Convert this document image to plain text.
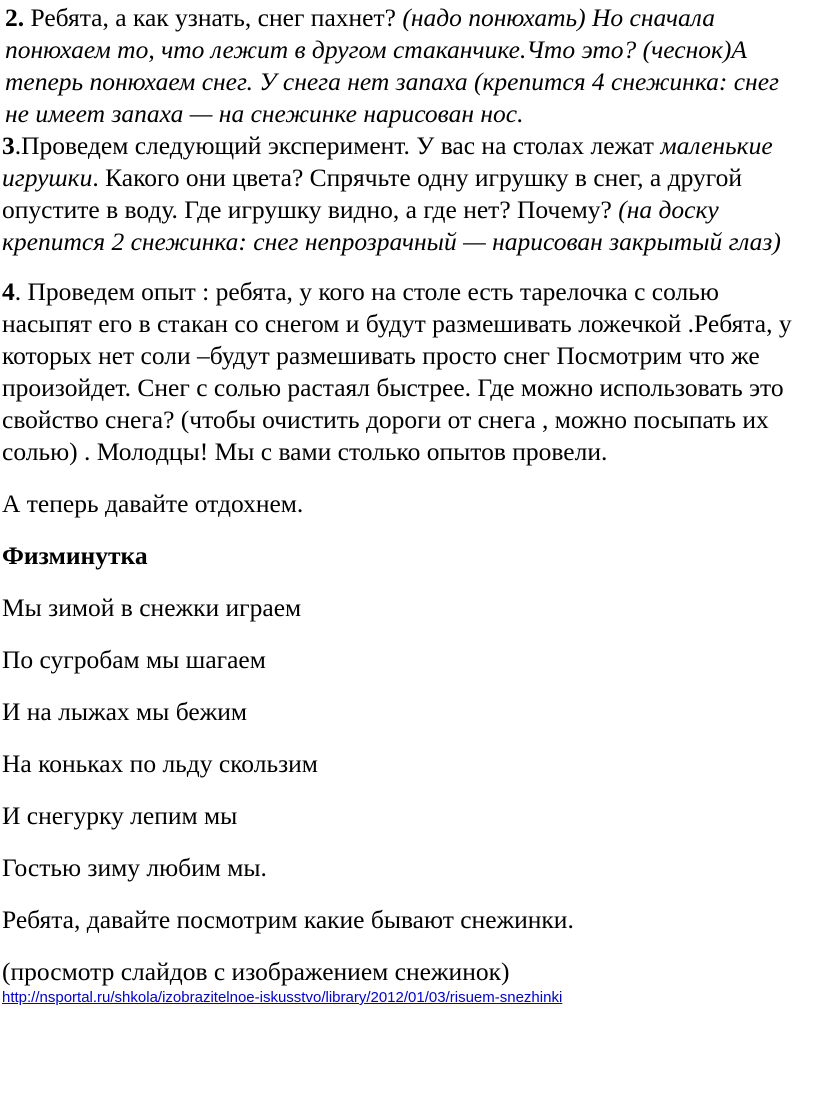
2. Ребята, а как узнать, снег пахнет? (надо понюхать) Но сначала понюхаем то, что лежит в другом стаканчике.Что это? (чеснок)А теперь понюхаем снег. У снега нет запаха (крепится 4 снежинка: снег не имеет запаха — на снежинке нарисован нос.

3.Проведем следующий эксперимент. У вас на столах лежат маленькие игрушки. Какого они цвета? Спрячьте одну игрушку в снег, а другой опустите в воду. Где игрушку видно, а где нет? Почему? (на доску крепится 2 снежинка: снег непрозрачный — нарисован закрытый глаз)

4. Проведем опыт : ребята, у кого на столе есть тарелочка с солью насыпят его в стакан со снегом и будут размешивать ложечкой .Ребята, у которых нет соли –будут размешивать просто снег Посмотрим что же произойдет. Снег с солью растаял быстрее. Где можно использовать это свойство снега? (чтобы очистить дороги от снега , можно посыпать их солью) . Молодцы! Мы с вами столько опытов провели.

А теперь давайте отдохнем.

Физминутка

Мы зимой в снежки играем

По сугробам мы шагаем

И на лыжах мы бежим

На коньках по льду скользим

И снегурку лепим мы

Гостью зиму любим мы.

Ребята, давайте посмотрим какие бывают снежинки.

(просмотр слайдов с изображением снежинок)

http://nsportal.ru/shkola/izobrazitelnoe-iskusstvo/library/2012/01/03/risuem-snezhinki
